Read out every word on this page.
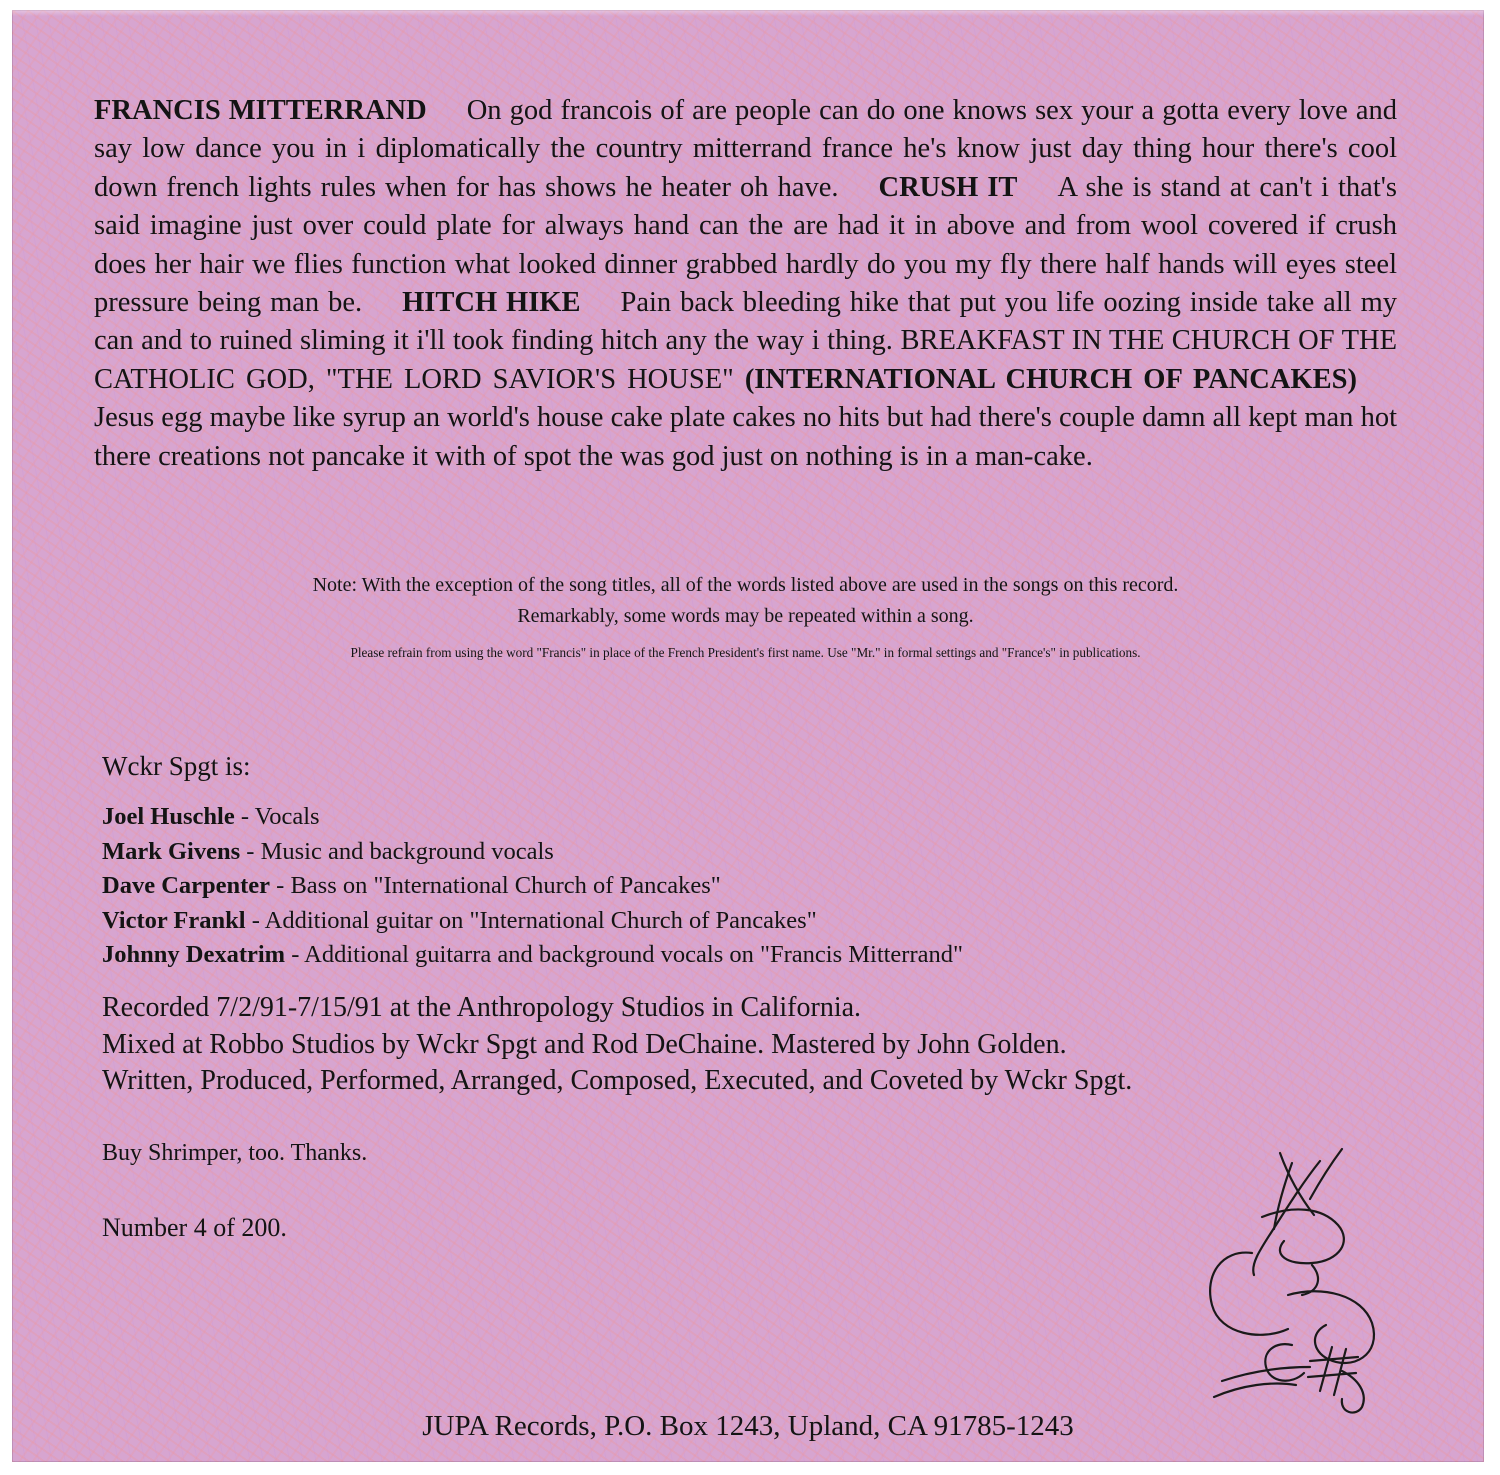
FRANCIS MITTERRAND On god francois of are people can do one knows sex your a gotta every love and say low dance you in i diplomatically the country mitterrand france he's know just day thing hour there's cool down french lights rules when for has shows he heater oh have. CRUSH IT A she is stand at can't i that's said imagine just over could plate for always hand can the are had it in above and from wool covered if crush does her hair we flies function what looked dinner grabbed hardly do you my fly there half hands will eyes steel pressure being man be. HITCH HIKE Pain back bleeding hike that put you life oozing inside take all my can and to ruined sliming it i'll took finding hitch any the way i thing. BREAKFAST IN THE CHURCH OF THE CATHOLIC GOD, "THE LORD SAVIOR'S HOUSE" (INTERNATIONAL CHURCH OF PANCAKES)Jesus egg maybe like syrup an world's house cake plate cakes no hits but had there's couple damn all kept man hot there creations not pancake it with of spot the was god just on nothing is in a man-cake.

Note: With the exception of the song titles, all of the words listed above are used in the songs on this record.
Remarkably, some words may be repeated within a song.

Please refrain from using the word "Francis" in place of the French President's first name. Use "Mr." in formal settings and "France's" in publications.

Wckr Spgt is:

Joel Huschle - Vocals
Mark Givens - Music and background vocals
Dave Carpenter - Bass on "International Church of Pancakes"
Victor Frankl - Additional guitar on "International Church of Pancakes"
Johnny Dexatrim - Additional guitarra and background vocals on "Francis Mitterrand"
Recorded 7/2/91-7/15/91 at the Anthropology Studios in California.
Mixed at Robbo Studios by Wckr Spgt and Rod DeChaine. Mastered by John Golden.
Written, Produced, Performed, Arranged, Composed, Executed, and Coveted by Wckr Spgt.

Buy Shrimper, too. Thanks.

Number 4 of 200.

JUPA Records, P.O. Box 1243, Upland, CA 91785-1243
